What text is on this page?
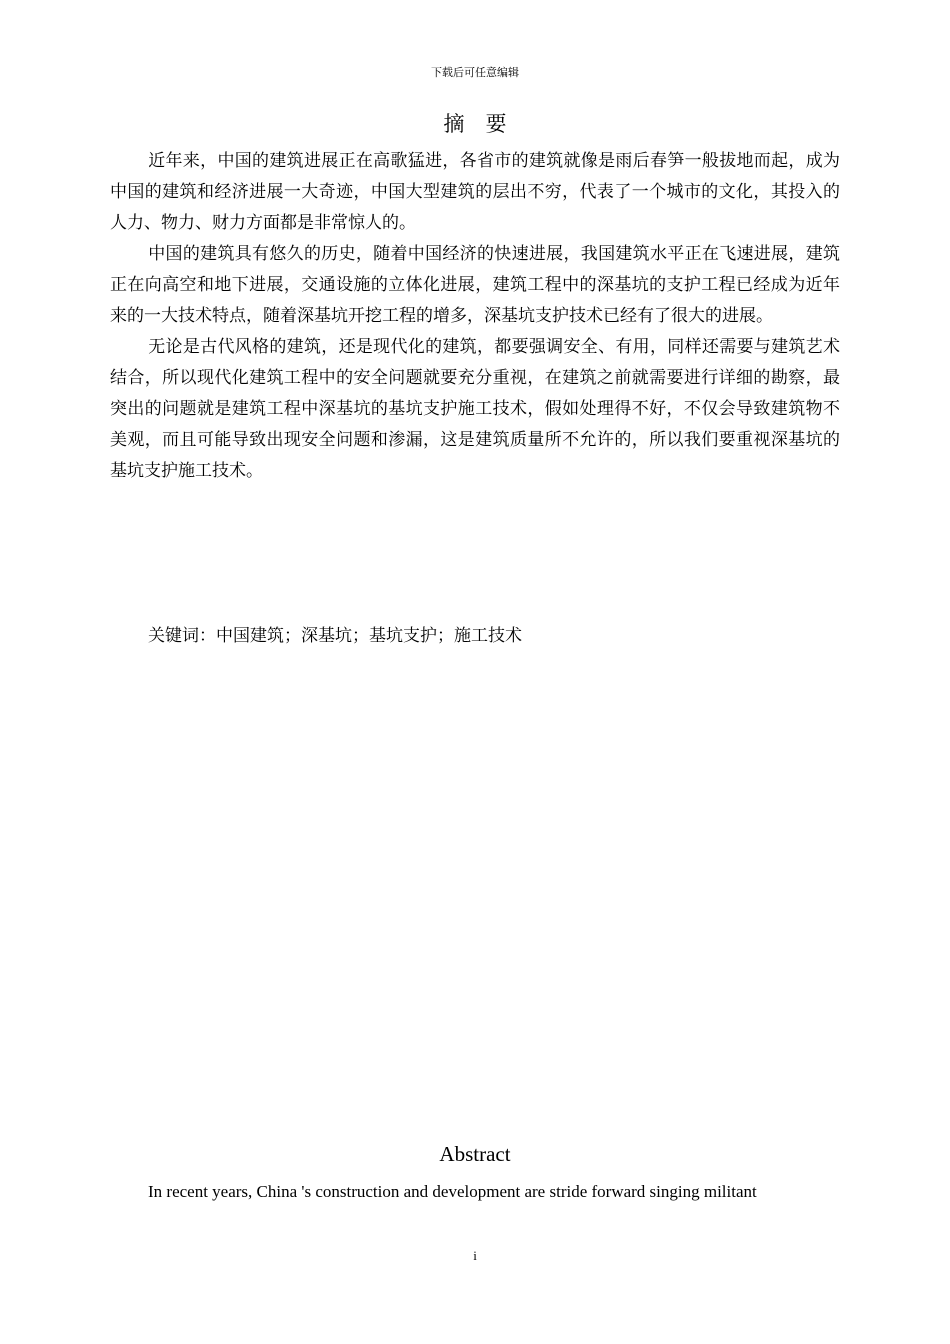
下载后可任意编辑
摘　要

近年来，中国的建筑进展正在高歌猛进，各省市的建筑就像是雨后春笋一般拔地而起，成为中国的建筑和经济进展一大奇迹，中国大型建筑的层出不穷，代表了一个城市的文化，其投入的人力、物力、财力方面都是非常惊人的。

中国的建筑具有悠久的历史，随着中国经济的快速进展，我国建筑水平正在飞速进展，建筑正在向高空和地下进展，交通设施的立体化进展，建筑工程中的深基坑的支护工程已经成为近年来的一大技术特点，随着深基坑开挖工程的增多，深基坑支护技术已经有了很大的进展。

无论是古代风格的建筑，还是现代化的建筑，都要强调安全、有用，同样还需要与建筑艺术结合，所以现代化建筑工程中的安全问题就要充分重视，在建筑之前就需要进行详细的勘察，最突出的问题就是建筑工程中深基坑的基坑支护施工技术，假如处理得不好，不仅会导致建筑物不美观，而且可能导致出现安全问题和渗漏，这是建筑质量所不允许的，所以我们要重视深基坑的基坑支护施工技术。

关键词：中国建筑；深基坑；基坑支护；施工技术
Abstract
In recent years, China 's construction and development are stride forward singing militant
i
